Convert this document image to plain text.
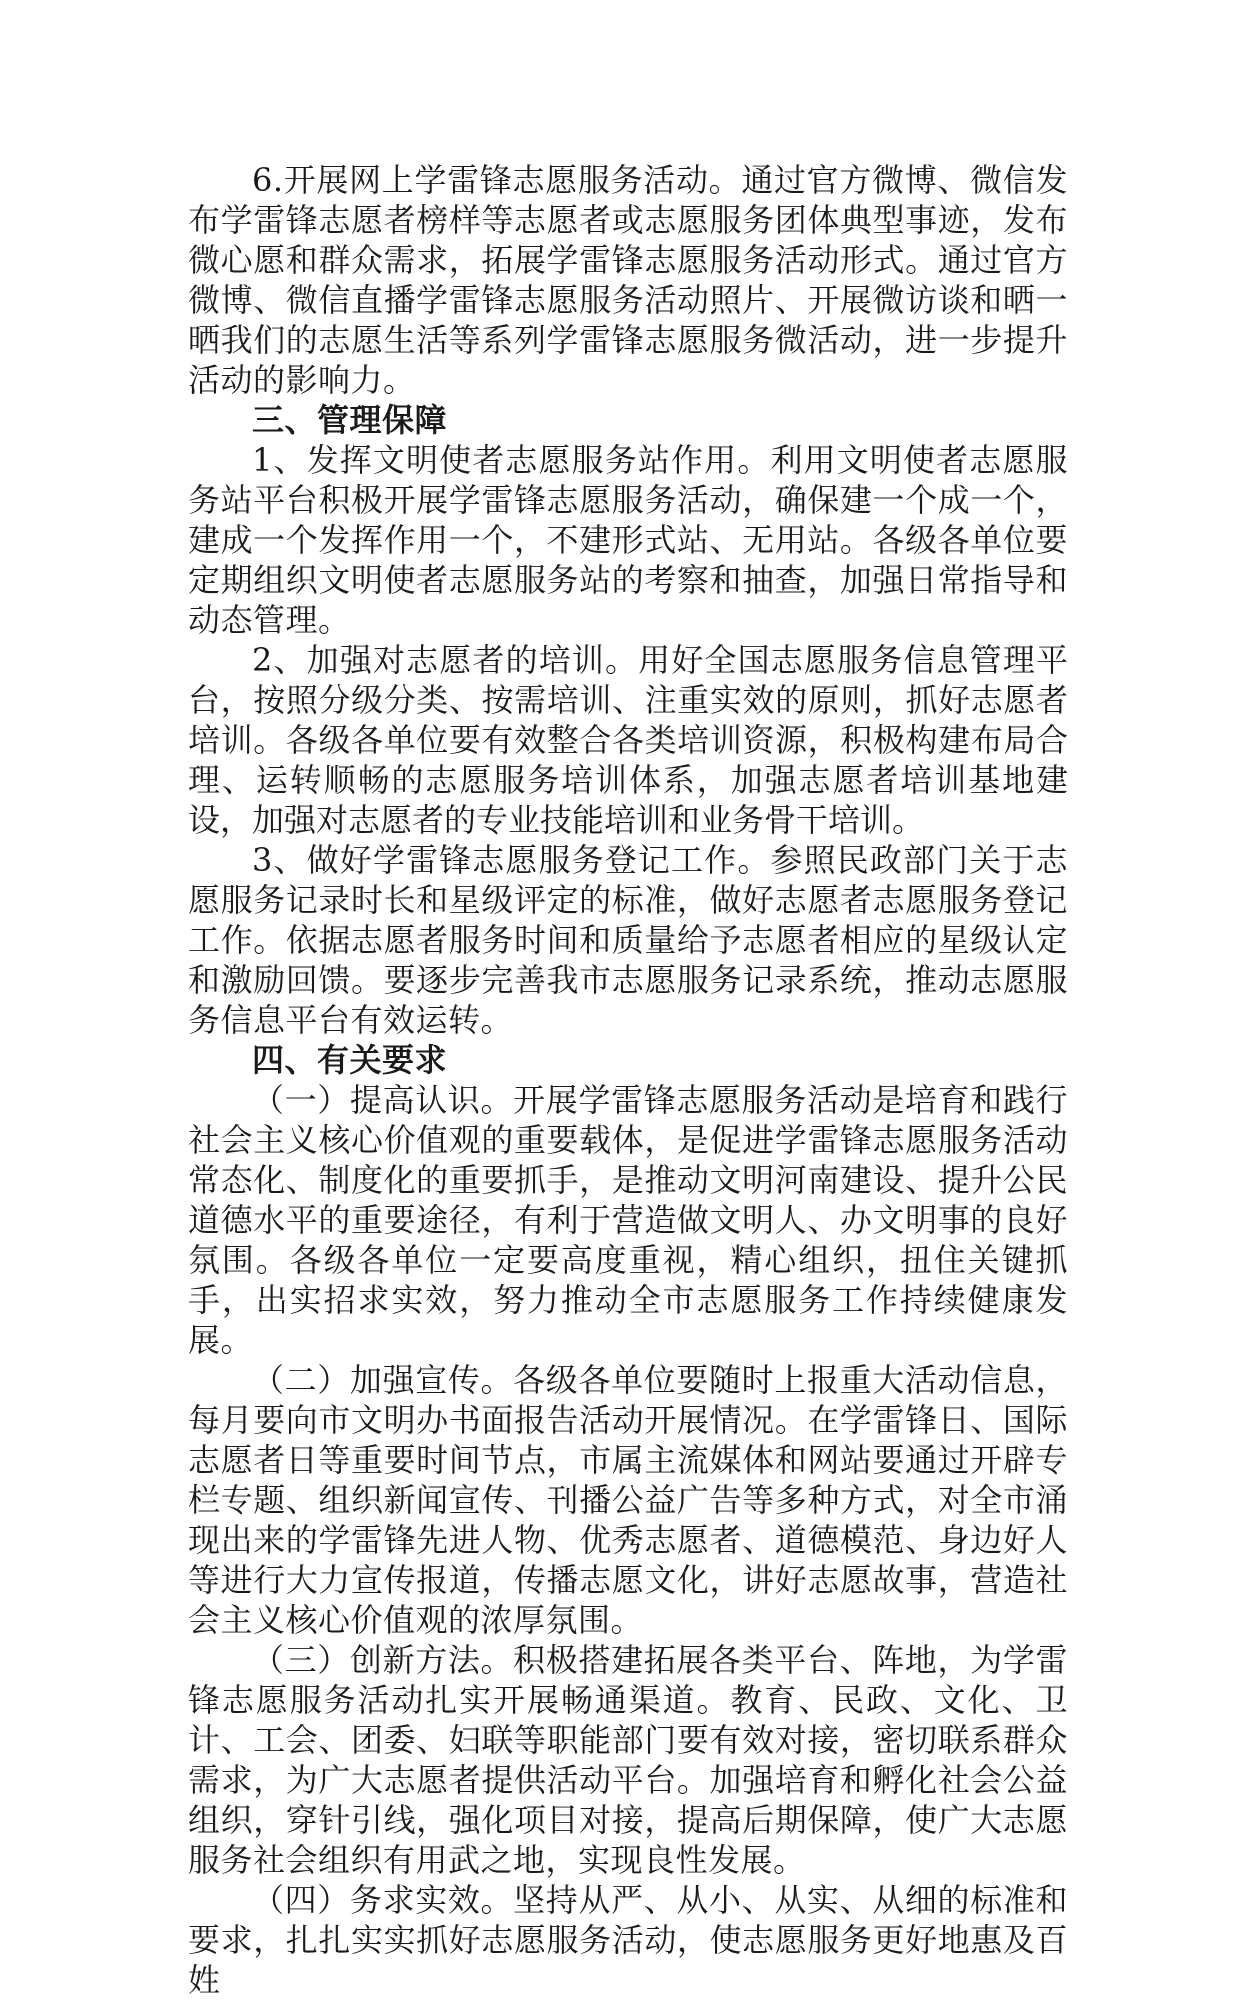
6.开展网上学雷锋志愿服务活动。通过官方微博、微信发布学雷锋志愿者榜样等志愿者或志愿服务团体典型事迹，发布微心愿和群众需求，拓展学雷锋志愿服务活动形式。通过官方微博、微信直播学雷锋志愿服务活动照片、开展微访谈和晒一晒我们的志愿生活等系列学雷锋志愿服务微活动，进一步提升活动的影响力。

三、管理保障

1、发挥文明使者志愿服务站作用。利用文明使者志愿服务站平台积极开展学雷锋志愿服务活动，确保建一个成一个，建成一个发挥作用一个，不建形式站、无用站。各级各单位要定期组织文明使者志愿服务站的考察和抽查，加强日常指导和动态管理。

2、加强对志愿者的培训。用好全国志愿服务信息管理平台，按照分级分类、按需培训、注重实效的原则，抓好志愿者培训。各级各单位要有效整合各类培训资源，积极构建布局合理、运转顺畅的志愿服务培训体系，加强志愿者培训基地建设，加强对志愿者的专业技能培训和业务骨干培训。

3、做好学雷锋志愿服务登记工作。参照民政部门关于志愿服务记录时长和星级评定的标准，做好志愿者志愿服务登记工作。依据志愿者服务时间和质量给予志愿者相应的星级认定和激励回馈。要逐步完善我市志愿服务记录系统，推动志愿服务信息平台有效运转。

四、有关要求

（一）提高认识。开展学雷锋志愿服务活动是培育和践行社会主义核心价值观的重要载体，是促进学雷锋志愿服务活动常态化、制度化的重要抓手，是推动文明河南建设、提升公民道德水平的重要途径，有利于营造做文明人、办文明事的良好氛围。各级各单位一定要高度重视，精心组织，扭住关键抓手，出实招求实效，努力推动全市志愿服务工作持续健康发展。

（二）加强宣传。各级各单位要随时上报重大活动信息，每月要向市文明办书面报告活动开展情况。在学雷锋日、国际志愿者日等重要时间节点，市属主流媒体和网站要通过开辟专栏专题、组织新闻宣传、刊播公益广告等多种方式，对全市涌现出来的学雷锋先进人物、优秀志愿者、道德模范、身边好人等进行大力宣传报道，传播志愿文化，讲好志愿故事，营造社会主义核心价值观的浓厚氛围。

（三）创新方法。积极搭建拓展各类平台、阵地，为学雷锋志愿服务活动扎实开展畅通渠道。教育、民政、文化、卫计、工会、团委、妇联等职能部门要有效对接，密切联系群众需求，为广大志愿者提供活动平台。加强培育和孵化社会公益组织，穿针引线，强化项目对接，提高后期保障，使广大志愿服务社会组织有用武之地，实现良性发展。

（四）务求实效。坚持从严、从小、从实、从细的标准和要求，扎扎实实抓好志愿服务活动，使志愿服务更好地惠及百姓
